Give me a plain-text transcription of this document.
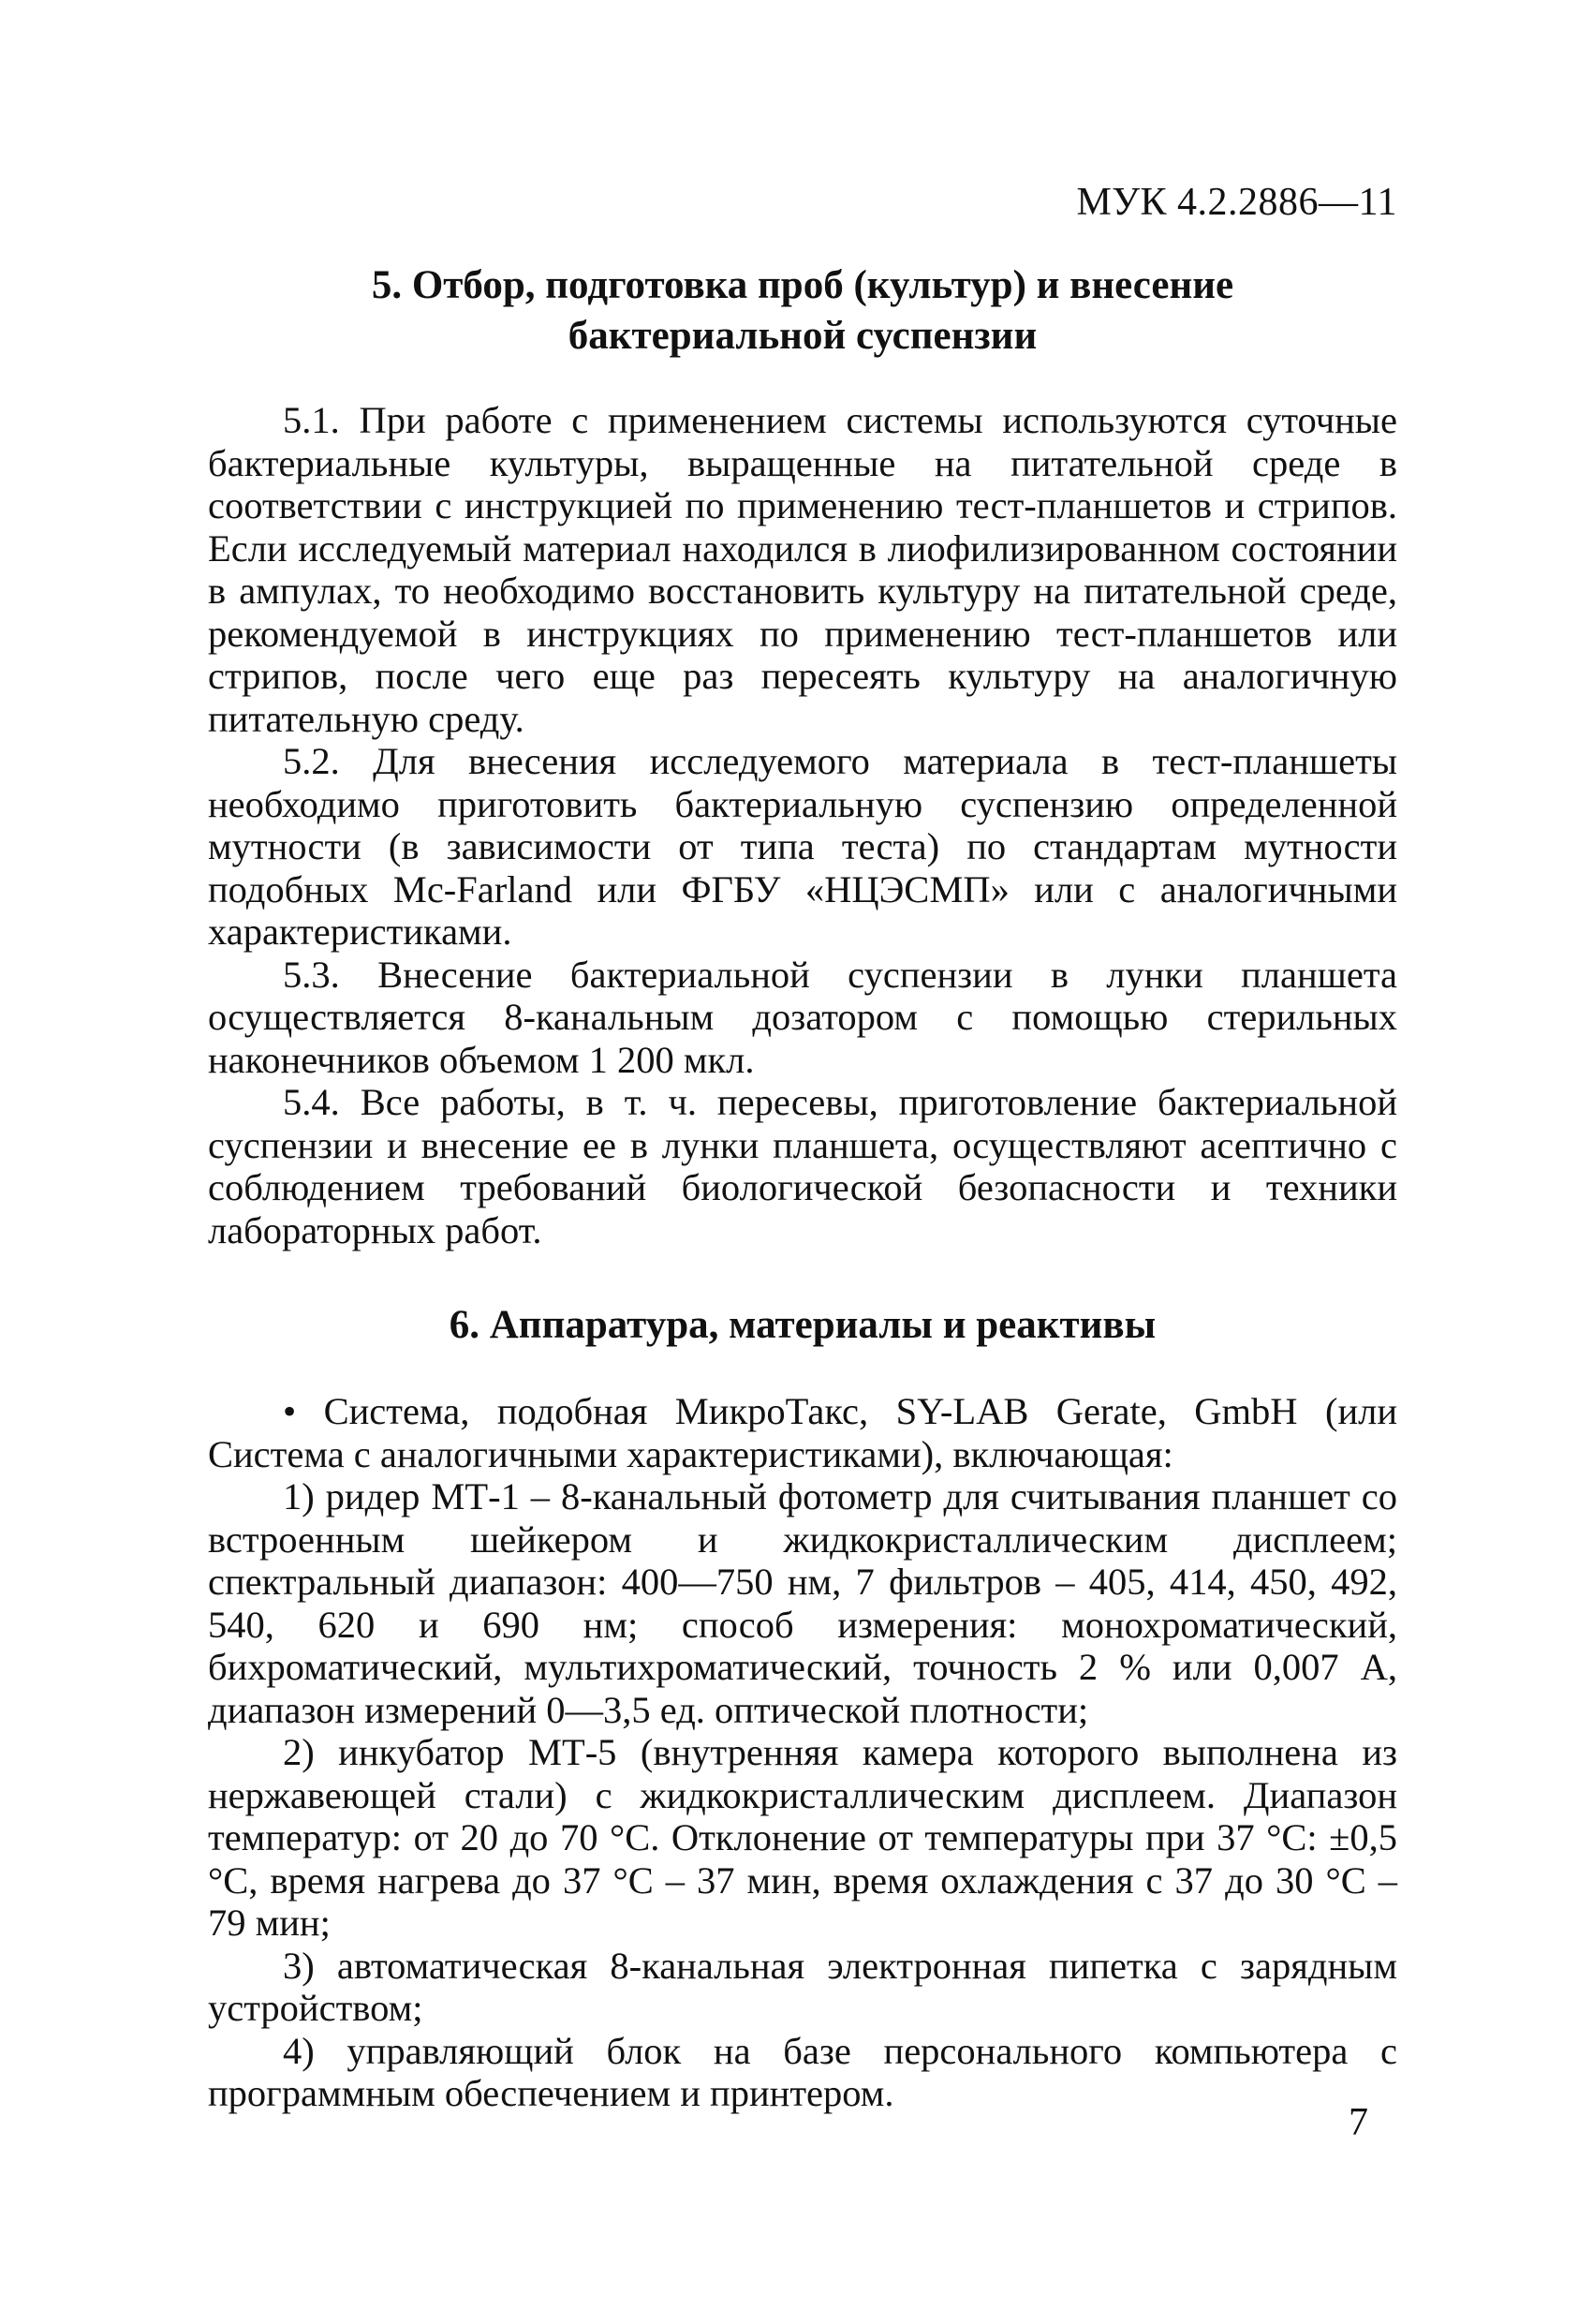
МУК 4.2.2886—11
5. Отбор, подготовка проб (культур) и внесение
бактериальной суспензии

5.1. При работе с применением системы используются суточные бактериальные культуры, выращенные на питательной среде в соответствии с инструкцией по применению тест-планшетов и стрипов. Если исследуемый материал находился в лиофилизированном состоянии в ампулах, то необходимо восстановить культуру на питательной среде, рекомендуемой в инструкциях по применению тест-планшетов или стрипов, после чего еще раз пересеять культуру на аналогичную питательную среду.

5.2. Для внесения исследуемого материала в тест-планшеты необходимо приготовить бактериальную суспензию определенной мутности (в зависимости от типа теста) по стандартам мутности подобных Mc-Farland или ФГБУ «НЦЭСМП» или с аналогичными характеристиками.

5.3. Внесение бактериальной суспензии в лунки планшета осуществляется 8-канальным дозатором с помощью стерильных наконечников объемом 1 200 мкл.

5.4. Все работы, в т. ч. пересевы, приготовление бактериальной суспензии и внесение ее в лунки планшета, осуществляют асептично с соблюдением требований биологической безопасности и техники лабораторных работ.

6. Аппаратура, материалы и реактивы

• Система, подобная МикроТакс, SY-LAB Gerate, GmbH (или Система с аналогичными характеристиками), включающая:

1) ридер МТ-1 – 8-канальный фотометр для считывания планшет со встроенным шейкером и жидкокристаллическим дисплеем; спектральный диапазон: 400—750 нм, 7 фильтров – 405, 414, 450, 492, 540, 620 и 690 нм; способ измерения: монохроматический, бихроматический, мультихроматический, точность 2 % или 0,007 А, диапазон измерений 0—3,5 ед. оптической плотности;

2) инкубатор МТ-5 (внутренняя камера которого выполнена из нержавеющей стали) с жидкокристаллическим дисплеем. Диапазон температур: от 20 до 70 °С. Отклонение от температуры при 37 °С: ±0,5 °С, время нагрева до 37 °С – 37 мин, время охлаждения с 37 до 30 °С – 79 мин;

3) автоматическая 8-канальная электронная пипетка с зарядным устройством;

4) управляющий блок на базе персонального компьютера с программным обеспечением и принтером.

7
